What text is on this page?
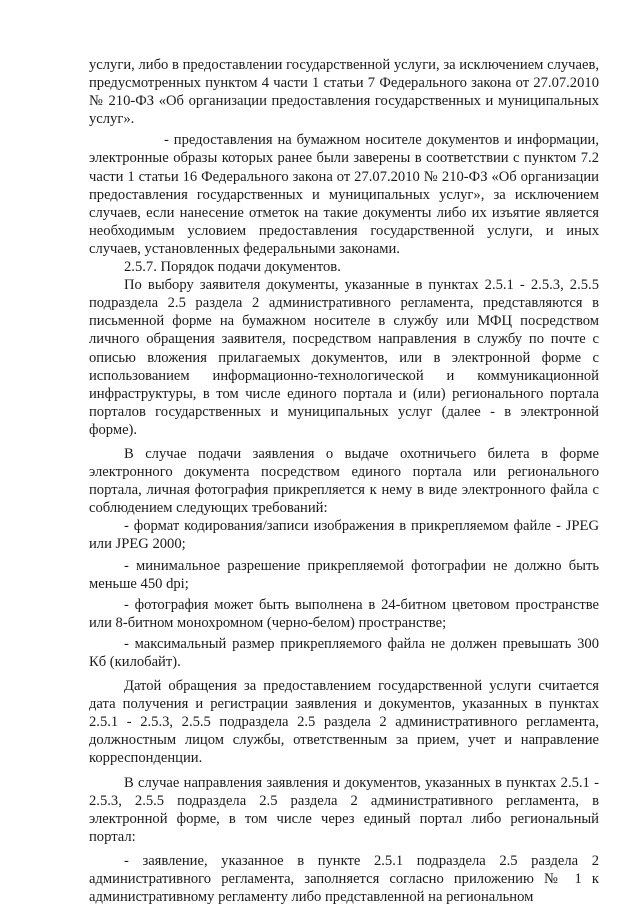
услуги, либо в предоставлении государственной услуги, за исключением случаев, предусмотренных пунктом 4 части 1 статьи 7 Федерального закона от 27.07.2010 № 210-ФЗ «Об организации предоставления государственных и муниципальных услуг».

- предоставления на бумажном носителе документов и информации, электронные образы которых ранее были заверены в соответствии с пунктом 7.2 части 1 статьи 16 Федерального закона от 27.07.2010 № 210-ФЗ «Об организации предоставления государственных и муниципальных услуг», за исключением случаев, если нанесение отметок на такие документы либо их изъятие является необходимым условием предоставления государственной услуги, и иных случаев, установленных федеральными законами.

2.5.7. Порядок подачи документов.

По выбору заявителя документы, указанные в пунктах 2.5.1 - 2.5.3, 2.5.5 подраздела 2.5 раздела 2 административного регламента, представляются в письменной форме на бумажном носителе в службу или МФЦ посредством личного обращения заявителя, посредством направления в службу по почте с описью вложения прилагаемых документов, или в электронной форме с использованием информационно-технологической и коммуникационной инфраструктуры, в том числе единого портала и (или) регионального портала порталов государственных и муниципальных услуг (далее - в электронной форме).

В случае подачи заявления о выдаче охотничьего билета в форме электронного документа посредством единого портала или регионального портала, личная фотография прикрепляется к нему в виде электронного файла с соблюдением следующих требований:

- формат кодирования/записи изображения в прикрепляемом файле - JPEG или JPEG 2000;

- минимальное разрешение прикрепляемой фотографии не должно быть меньше 450 dpi;

- фотография может быть выполнена в 24-битном цветовом пространстве или 8-битном монохромном (черно-белом) пространстве;

- максимальный размер прикрепляемого файла не должен превышать 300 Кб (килобайт).

Датой обращения за предоставлением государственной услуги считается дата получения и регистрации заявления и документов, указанных в пунктах 2.5.1 - 2.5.3, 2.5.5 подраздела 2.5 раздела 2 административного регламента, должностным лицом службы, ответственным за прием, учет и направление корреспонденции.

В случае направления заявления и документов, указанных в пунктах 2.5.1 - 2.5.3, 2.5.5 подраздела 2.5 раздела 2 административного регламента, в электронной форме, в том числе через единый портал либо региональный портал:

- заявление, указанное в пункте 2.5.1 подраздела 2.5 раздела 2 административного регламента, заполняется согласно приложению № 1 к административному регламенту либо представленной на региональном
